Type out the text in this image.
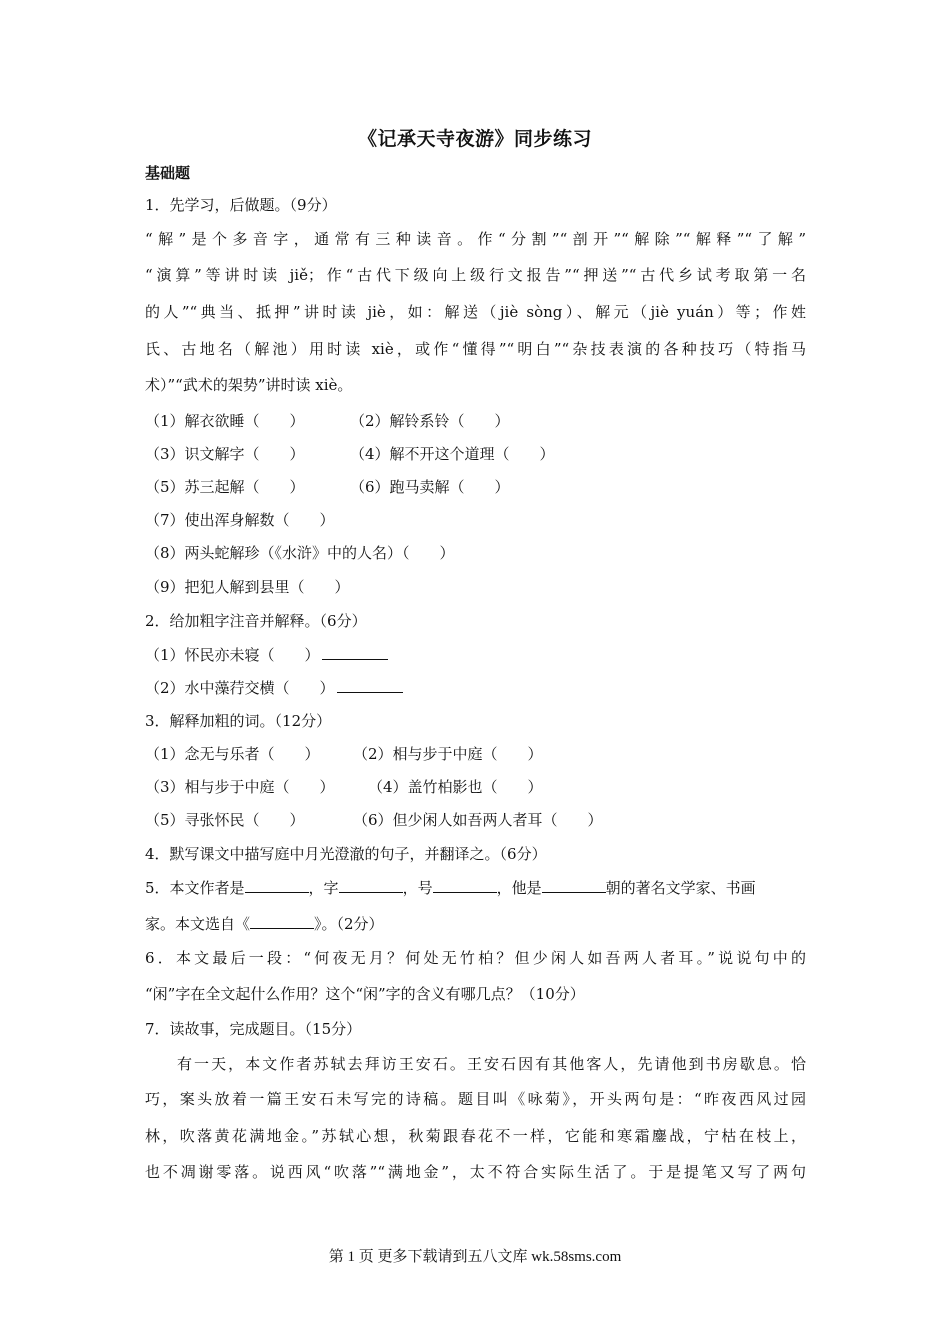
《记承天寺夜游》同步练习
基础题
1．先学习，后做题。（9分）
“解”是个多音字，通常有三种读音。作“分割”“剖开”“解除”“解释”“了解”
“演算”等讲时读 jiě；作“古代下级向上级行文报告”“押送”“古代乡试考取第一名
的人”“典当、抵押”讲时读 jiè，如：解送（jiè sòng）、解元（jiè yuán）等；作姓
氏、古地名（解池）用时读 xiè，或作“懂得”“明白”“杂技表演的各种技巧（特指马
术）”“武术的架势”讲时读 xiè。
（1）解衣欲睡（　　）	（2）解铃系铃（　　）
（3）识文解字（　　）	（4）解不开这个道理（　　）
（5）苏三起解（　　）	（6）跑马卖解（　　）
（7）使出浑身解数（　　）
（8）两头蛇解珍（《水浒》中的人名）（　　）
（9）把犯人解到县里（　　）
2．给加粗字注音并解释。（6分）
（1）怀民亦未寝（　　）
（2）水中藻荇交横（　　）
3．解释加粗的词。（12分）
（1）念无与乐者（　　） （2）相与步于中庭（　　）
（3）相与步于中庭（　　） （4）盖竹柏影也（　　）
（5）寻张怀民（　　）	（6）但少闲人如吾两人者耳（　　）
4．默写课文中描写庭中月光澄澈的句子，并翻译之。（6分）
5．本文作者是	，字	，号	，他是	朝的著名文学家、书画
家。本文选自《	》。（2分）
6．本文最后一段：“何夜无月？何处无竹柏？但少闲人如吾两人者耳。”说说句中的
“闲”字在全文起什么作用？这个“闲”字的含义有哪几点？（10分）
7．读故事，完成题目。（15分）
有一天，本文作者苏轼去拜访王安石。王安石因有其他客人，先请他到书房歇息。恰
巧，案头放着一篇王安石未写完的诗稿。题目叫《咏菊》，开头两句是：“昨夜西风过园
林，吹落黄花满地金。”苏轼心想，秋菊跟春花不一样，它能和寒霜鏖战，宁枯在枝上，
也不凋谢零落。说西风“吹落”“满地金”，太不符合实际生活了。于是提笔又写了两句
第 1 页 更多下载请到五八文库 wk.58sms.com
